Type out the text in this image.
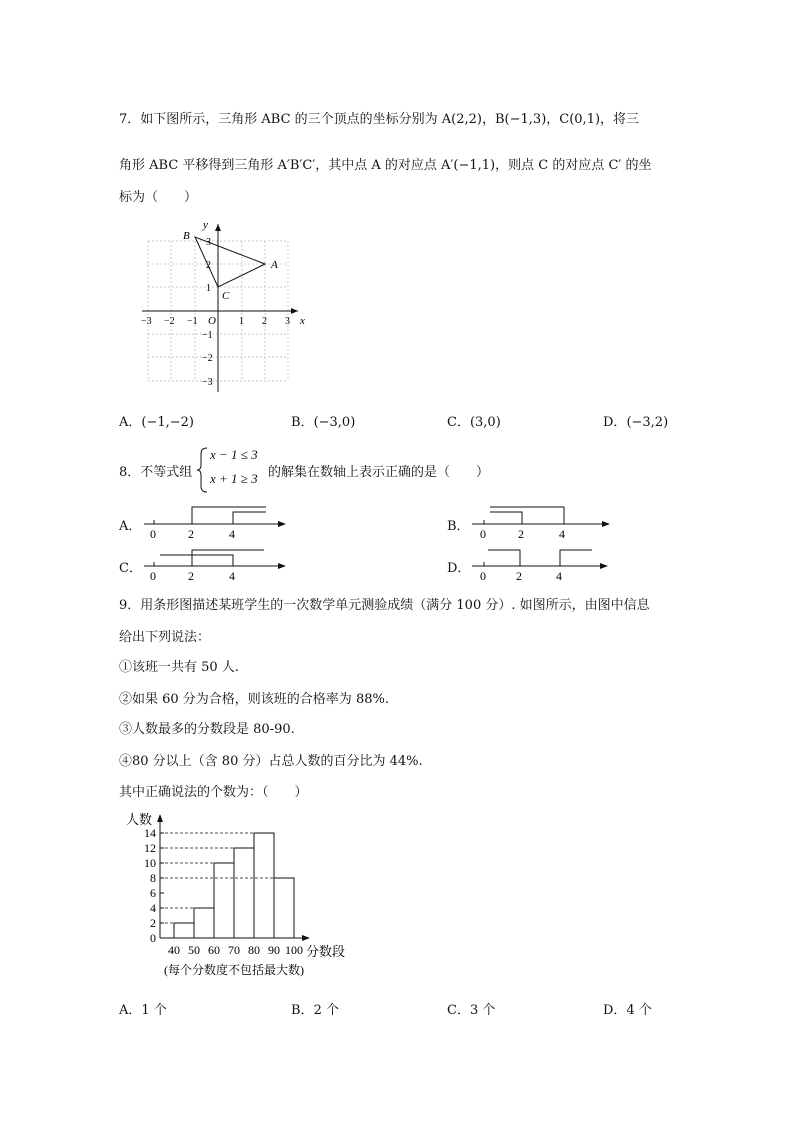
7．如下图所示，三角形 ABC 的三个顶点的坐标分别为 A(2,2)，B(−1,3)，C(0,1)，将三
角形 ABC 平移得到三角形 A′B′C′，其中点 A 的对应点 A′(−1,1)，则点 C 的对应点 C′ 的坐
标为（　　）
y
x
O
−3 −2 −1	1 2 3
3
2
1
−1
−2
−3
A
B
C
A．(−1,−2)	B．(−3,0)	C．(3,0)	D．(−3,2)
8．不等式组
x − 1 ≤ 3
x + 1 ≥ 3 的解集在数轴上表示正确的是（　　）
A． 0	2	4	B． 0	2	4
C． 0	2	4	D． 0	2	4
9．用条形图描述某班学生的一次数学单元测验成绩（满分 100 分）. 如图所示，由图中信息
给出下列说法：
①该班一共有 50 人.
②如果 60 分为合格，则该班的合格率为 88%.
③人数最多的分数段是 80-90.
④80 分以上（含 80 分）占总人数的百分比为 44%.
其中正确说法的个数为：（　　）
人数
分数段
(每个分数度不包括最大数)
0
2
4
6
8
10
12
14
40 50 60 70 80 90 100
A．1 个	B．2 个	C．3 个	D．4 个
